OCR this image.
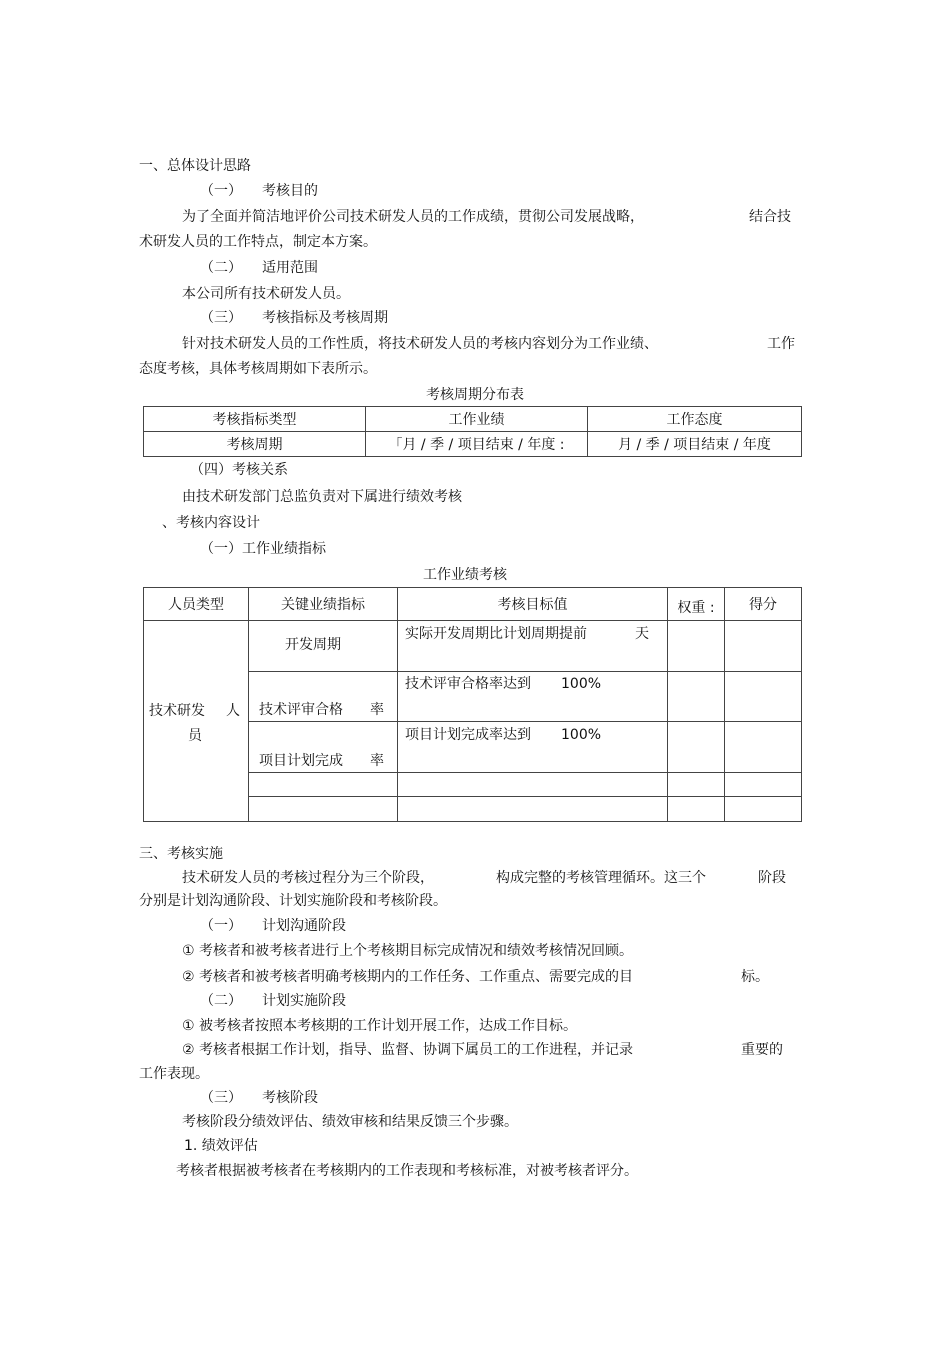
一、总体设计思路
（一） 考核目的
为了全面并简洁地评价公司技术研发人员的工作成绩，贯彻公司发展战略，	结合技
术研发人员的工作特点，制定本方案。
（二） 适用范围
本公司所有技术研发人员。
（三） 考核指标及考核周期
针对技术研发人员的工作性质，将技术研发人员的考核内容划分为工作业绩、	工作
态度考核，具体考核周期如下表所示。
考核周期分布表
考核指标类型	工作业绩	工作态度
考核周期	「月 / 季 / 项目结束 / 年度 :	月 / 季 / 项目结束 / 年度
（四）考核关系
由技术研发部门总监负责对下属进行绩效考核
、考核内容设计
（一）工作业绩指标
工作业绩考核
人员类型	关键业绩指标	考核目标值	权重 :	得分

技术研发 人
员	开发周期	实际开发周期比计划周期提前 天		

	技术评审合格 率	技术评审合格率达到 100%		

	项目计划完成 率	项目计划完成率达到 100%		

三、考核实施
技术研发人员的考核过程分为三个阶段，	构成完整的考核管理循环。这三个	阶段
分别是计划沟通阶段、计划实施阶段和考核阶段。
（一） 计划沟通阶段
① 考核者和被考核者进行上个考核期目标完成情况和绩效考核情况回顾。
② 考核者和被考核者明确考核期内的工作任务、工作重点、需要完成的目	标。
（二） 计划实施阶段
① 被考核者按照本考核期的工作计划开展工作，达成工作目标。
② 考核者根据工作计划，指导、监督、协调下属员工的工作进程，并记录	重要的
工作表现。
（三） 考核阶段
考核阶段分绩效评估、绩效审核和结果反馈三个步骤。
1. 绩效评估
考核者根据被考核者在考核期内的工作表现和考核标准，对被考核者评分。
